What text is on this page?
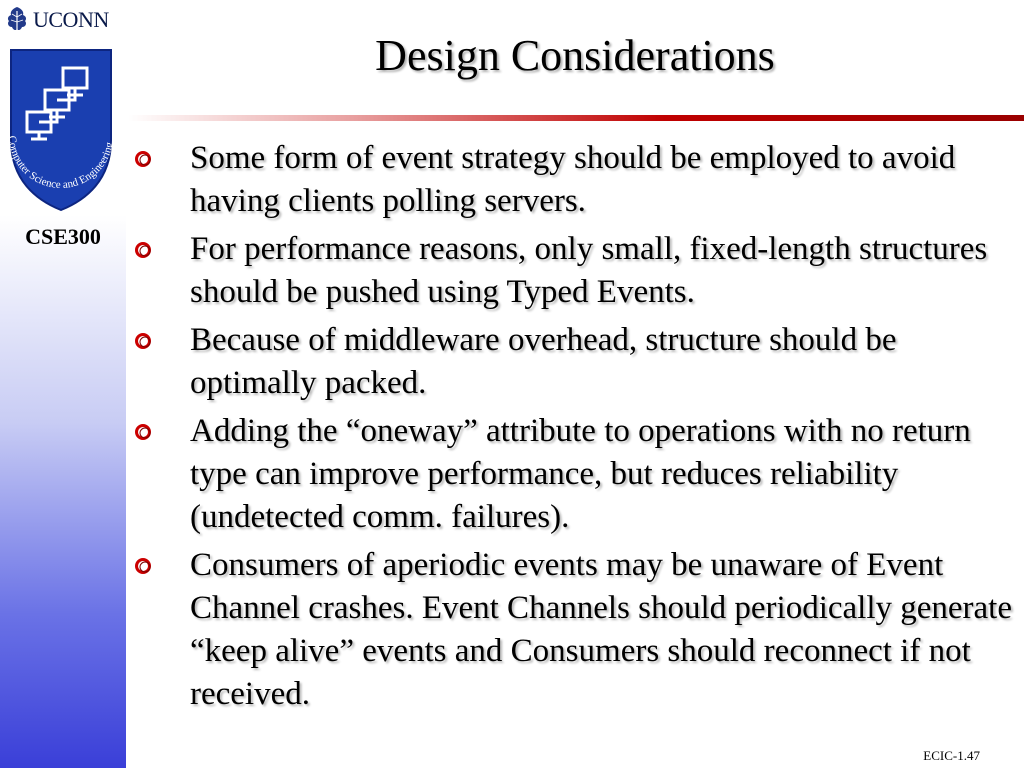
UCONN
Computer Science and Engineering
CSE300
Design Considerations
Some form of event strategy should be employed to avoid having clients polling servers.
For performance reasons, only small, fixed-length structures should be pushed using Typed Events.
Because of middleware overhead, structure should be optimally packed.
Adding the “oneway” attribute to operations with no return type can improve performance, but reduces reliability (undetected comm. failures).
Consumers of aperiodic events may be unaware of Event Channel crashes. Event Channels should periodically generate “keep alive” events and Consumers should reconnect if not received.
ECIC-1.47
